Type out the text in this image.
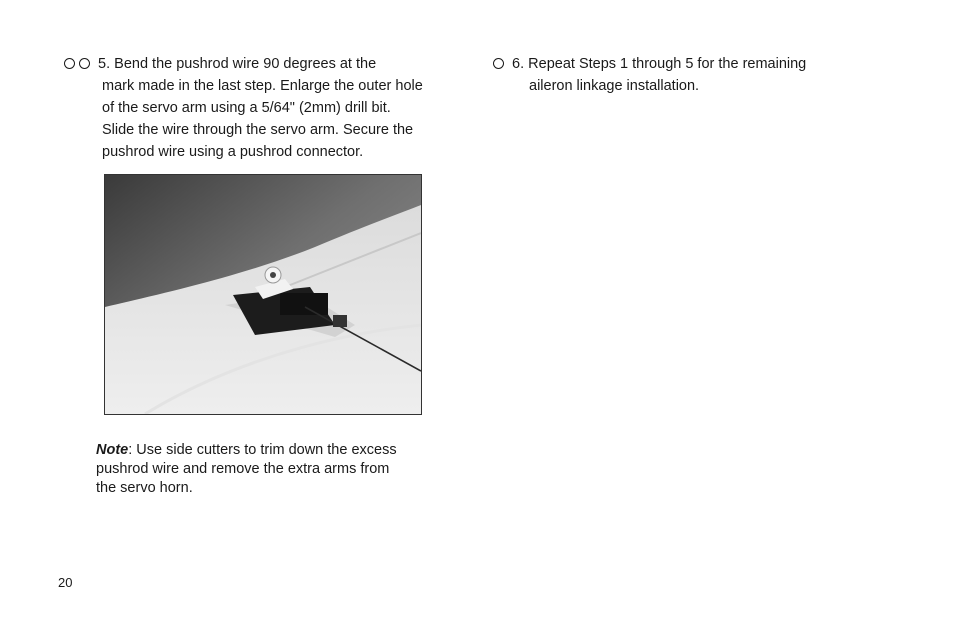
5. Bend the pushrod wire 90 degrees at the
mark made in the last step. Enlarge the outer hole
of the servo arm using a 5/64" (2mm) drill bit.
Slide the wire through the servo arm. Secure the
pushrod wire using a pushrod connector.
Note: Use side cutters to trim down the excess
pushrod wire and remove the extra arms from
the servo horn.
6. Repeat Steps 1 through 5 for the remaining
aileron linkage installation.
20
